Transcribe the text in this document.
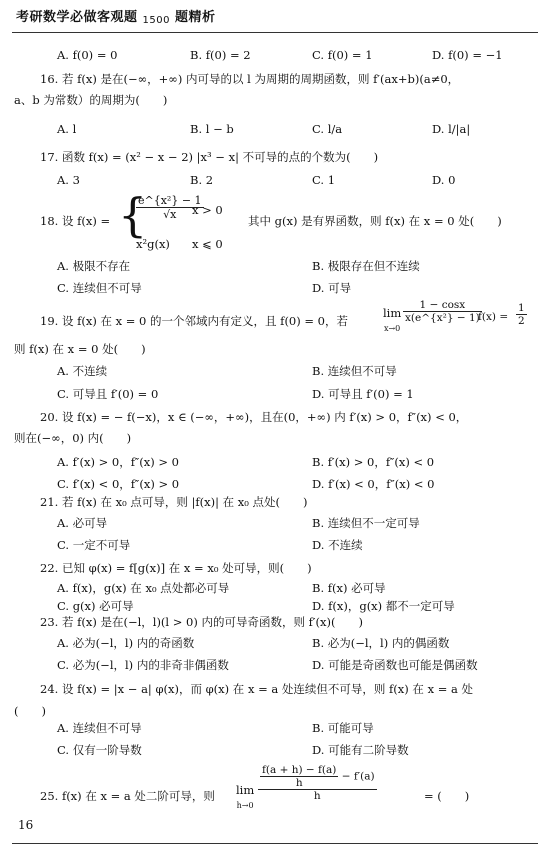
考研数学必做客观题 1500 题精析
A. f(0) = 0	B. f(0) = 2	C. f(0) = 1	D. f(0) = −1
16. 若 f(x) 是在(−∞，+∞) 内可导的以 l 为周期的周期函数，则 f′(ax+b)(a≠0，
a、b 为常数）的周期为(　　)
A. l	B. l − b	C. l/a	D. l/|a|
17. 函数 f(x) = (x² − x − 2) |x³ − x| 不可导的点的个数为(　　)
A. 3	B. 2	C. 1	D. 0
18. 设 f(x) = {
$\frac{\text{e\textasciicircum{}\{x²\} − 1}}{√x}$
x > 0
x²g(x) x ⩽ 0
其中 g(x) 是有界函数，则 f(x) 在 x = 0 处(　　)
A. 极限不存在	B. 极限存在但不连续
C. 连续但不可导	D. 可导
19. 设 f(x) 在 x = 0 的一个邻域内有定义，且 f(0) = 0，若
lim
x→0
$\frac{1 - \cos x}{\text{x(e\textasciicircum{}\{x²\} − 1)}}$
$f(x) = \frac{1}{2}$
则 f(x) 在 x = 0 处(　　)
A. 不连续	B. 连续但不可导
C. 可导且 f′(0) = 0	D. 可导且 f′(0) = 1
20. 设 f(x) = − f(−x)，x ∈ (−∞，+∞)，且在(0，+∞) 内 f′(x) > 0，f″(x) < 0，
则在(−∞，0) 内(　　)
A. f′(x) > 0，f″(x) > 0	B. f′(x) > 0，f″(x) < 0
C. f′(x) < 0，f″(x) > 0	D. f′(x) < 0，f″(x) < 0
21. 若 f(x) 在 x₀ 点可导，则 |f(x)| 在 x₀ 点处(　　)
A. 必可导	B. 连续但不一定可导
C. 一定不可导	D. 不连续
22. 已知 φ(x) = f[g(x)] 在 x = x₀ 处可导，则(　　)
A. f(x)，g(x) 在 x₀ 点处都必可导	B. f(x) 必可导
C. g(x) 必可导	D. f(x)，g(x) 都不一定可导
23. 若 f(x) 是在(−l，l)(l > 0) 内的可导奇函数，则 f′(x)(　　)
A. 必为(−l，l) 内的奇函数	B. 必为(−l，l) 内的偶函数
C. 必为(−l，l) 内的非奇非偶函数	D. 可能是奇函数也可能是偶函数
24. 设 f(x) = |x − a| φ(x)，而 φ(x) 在 x = a 处连续但不可导，则 f(x) 在 x = a 处
(　　)
A. 连续但不可导	B. 可能可导
C. 仅有一阶导数	D. 可能有二阶导数
25. f(x) 在 x = a 处二阶可导，则 lim
h→0
$\frac{\frac{f(a + h) - f(a)}{h} - f'(a)}{h}$	= (　　)
16
